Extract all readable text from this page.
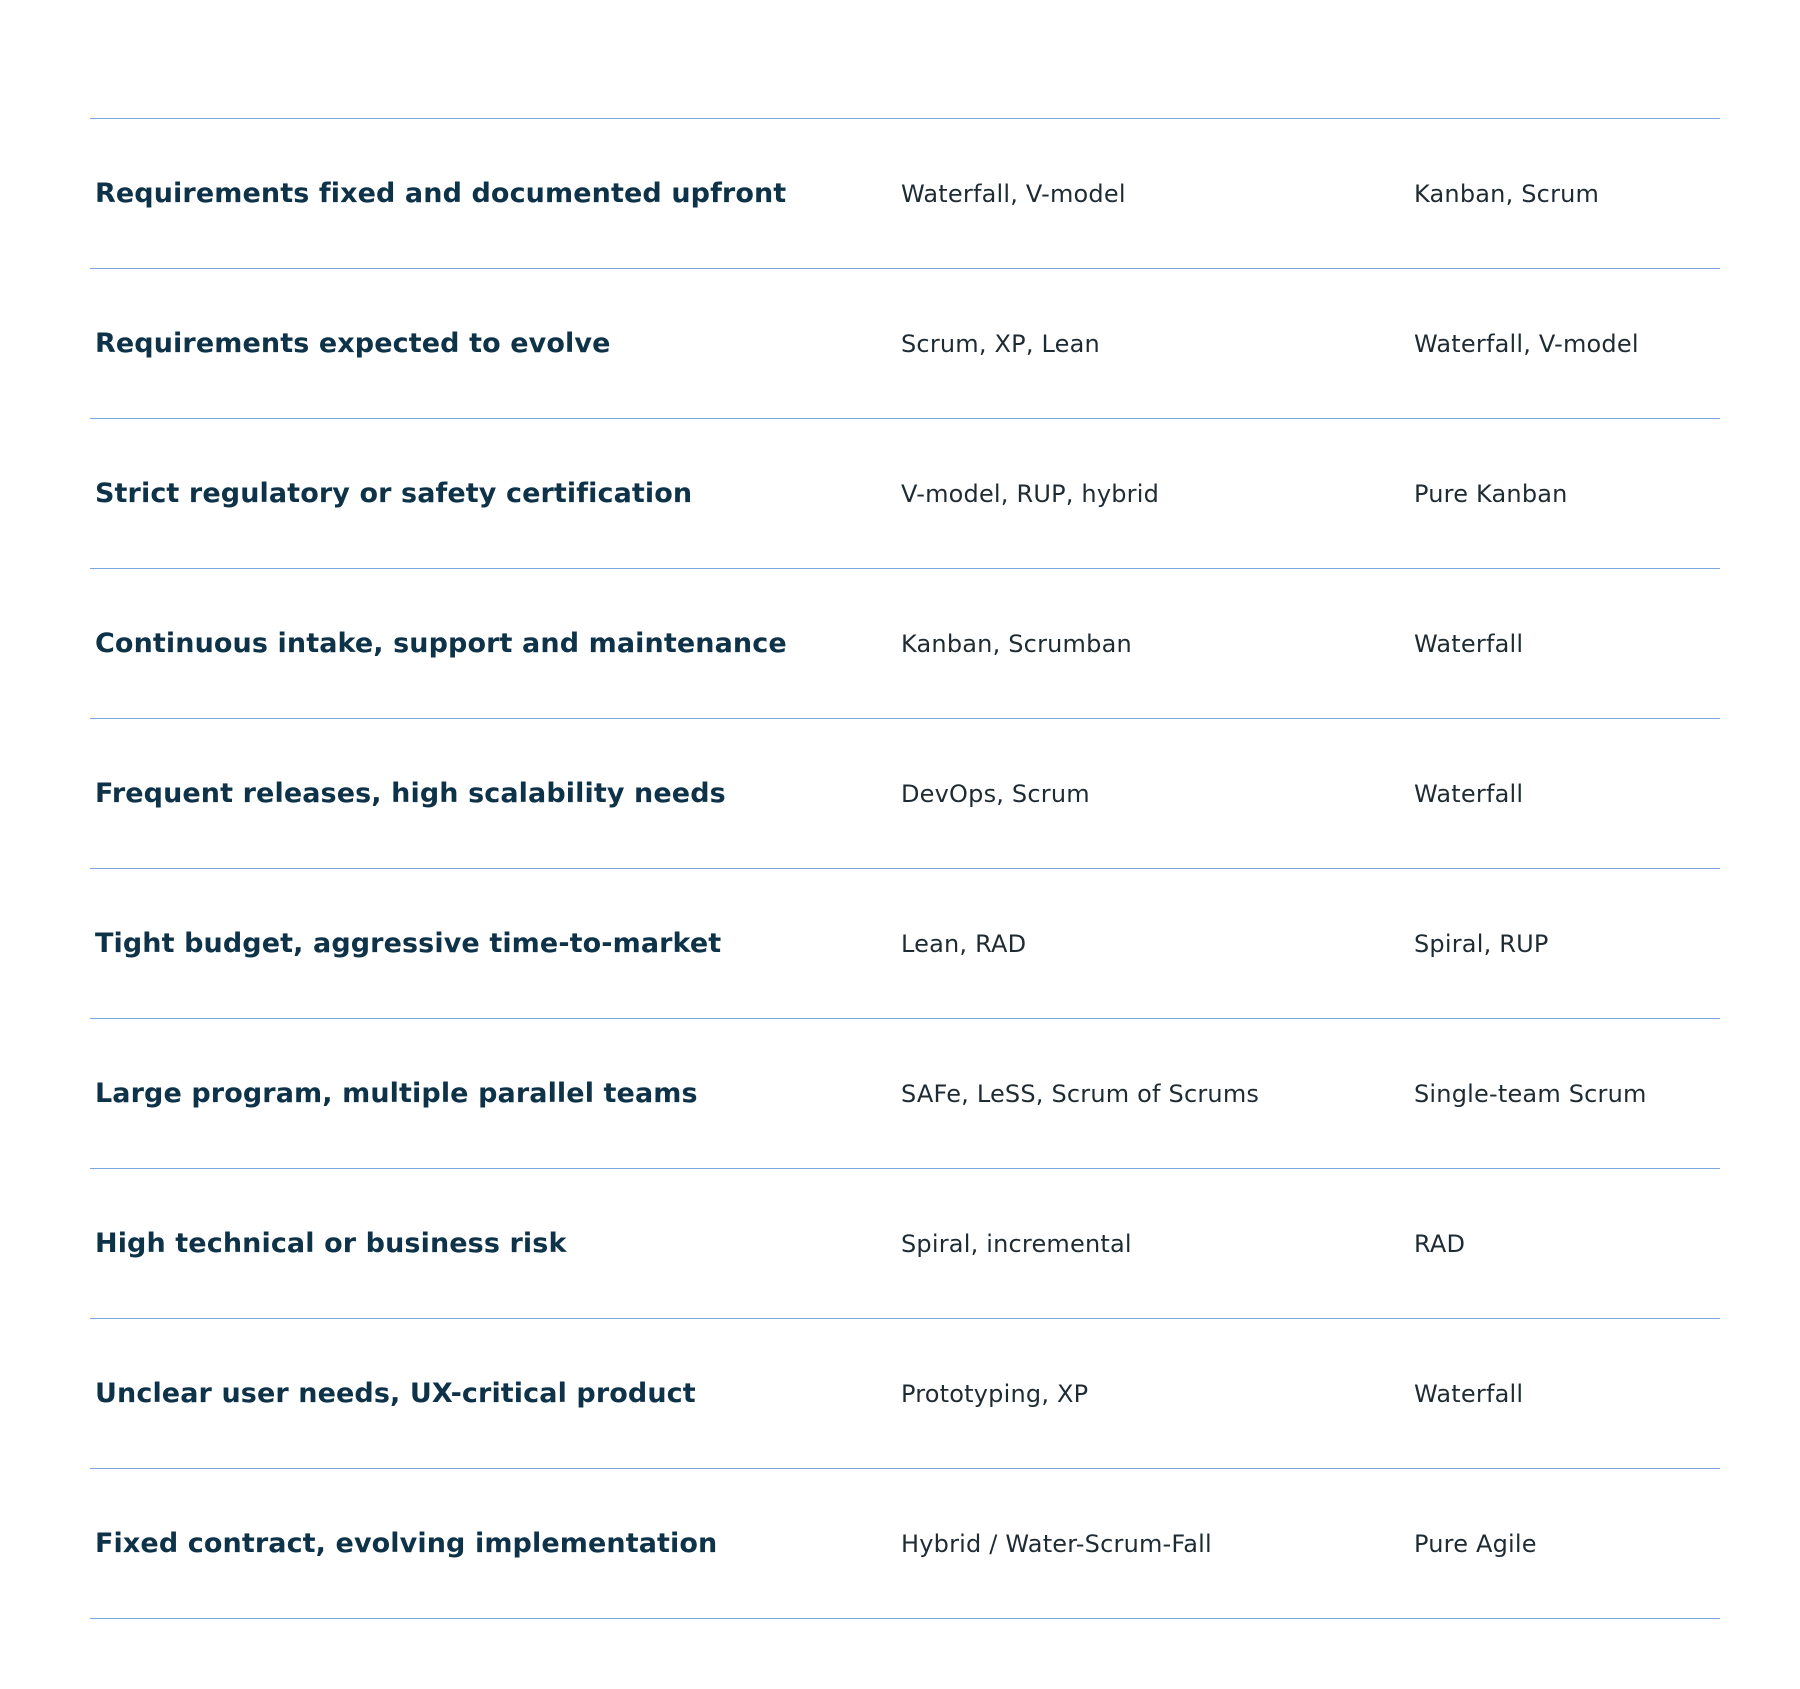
Requirements fixed and documented upfront	Waterfall, V-model	Kanban, Scrum
Requirements expected to evolve	Scrum, XP, Lean	Waterfall, V-model
Strict regulatory or safety certification	V-model, RUP, hybrid	Pure Kanban
Continuous intake, support and maintenance	Kanban, Scrumban	Waterfall
Frequent releases, high scalability needs	DevOps, Scrum	Waterfall
Tight budget, aggressive time-to-market	Lean, RAD	Spiral, RUP
Large program, multiple parallel teams	SAFe, LeSS, Scrum of Scrums	Single-team Scrum
High technical or business risk	Spiral, incremental	RAD
Unclear user needs, UX-critical product	Prototyping, XP	Waterfall
Fixed contract, evolving implementation	Hybrid / Water-Scrum-Fall	Pure Agile
